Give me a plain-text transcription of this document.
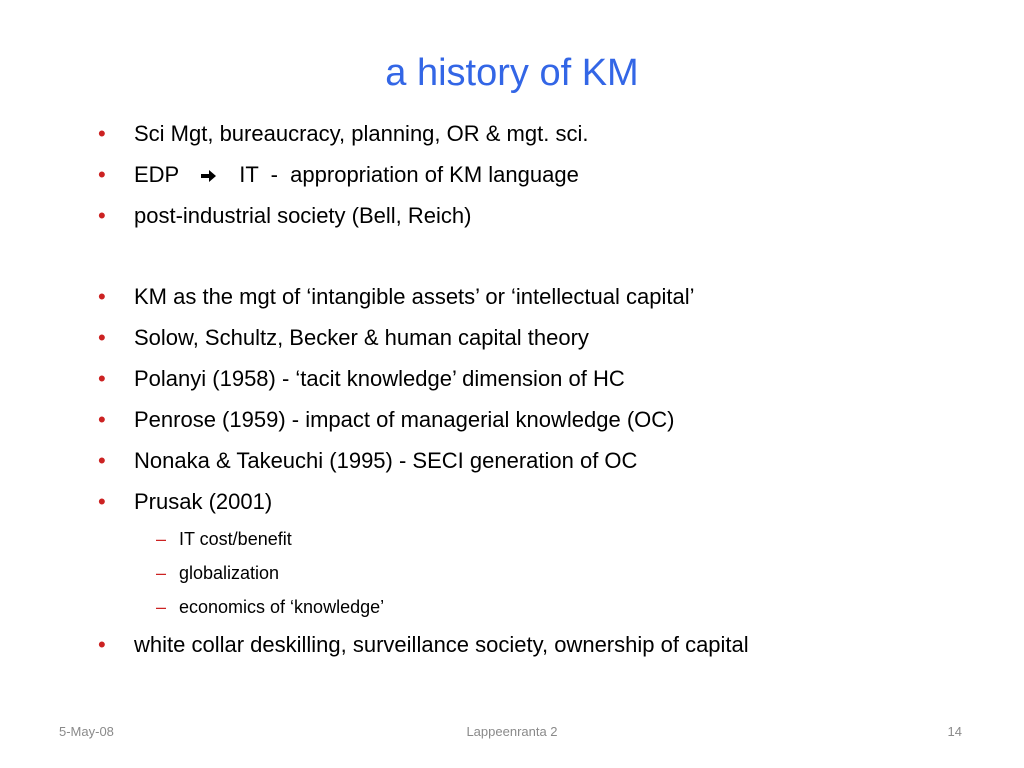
a history of KM
• Sci Mgt, bureaucracy, planning, OR & mgt. sci.
• EDP	IT  -  appropriation of KM language
• post-industrial society (Bell, Reich)
• KM as the mgt of ‘intangible assets’ or ‘intellectual capital’
• Solow, Schultz, Becker & human capital theory
• Polanyi (1958) - ‘tacit knowledge’ dimension of HC
• Penrose (1959) - impact of managerial knowledge (OC)
• Nonaka & Takeuchi (1995) - SECI generation of OC
• Prusak (2001)
– IT cost/benefit
– globalization
– economics of ‘knowledge’
• white collar deskilling, surveillance society, ownership of capital
5-May-08	Lappeenranta 2	14
